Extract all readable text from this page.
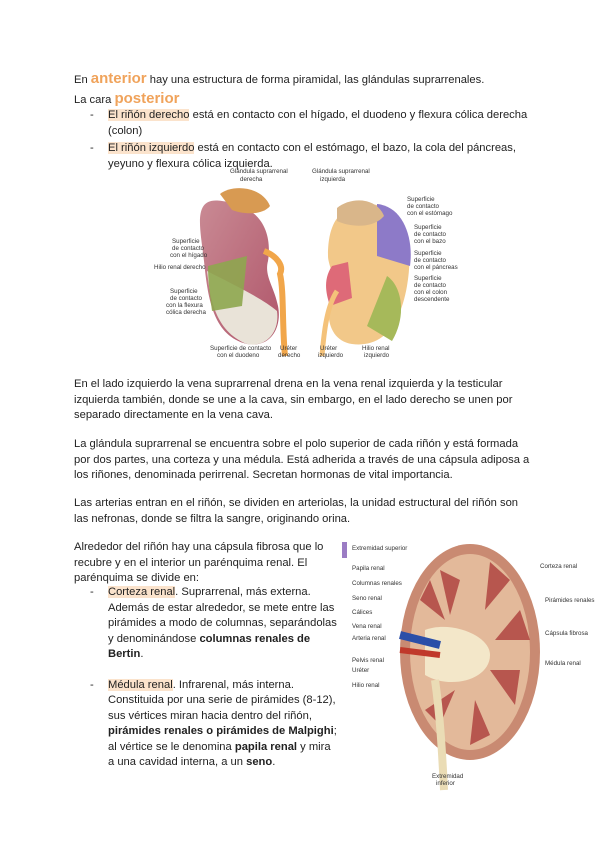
En anterior hay una estructura de forma piramidal, las glándulas suprarrenales.
La cara posterior
- El riñón derecho está en contacto con el hígado, el duodeno y flexura cólica derecha (colon)
- El riñón izquierdo está en contacto con el estómago, el bazo, la cola del páncreas, yeyuno y flexura cólica izquierda.
Glándula suprarrenal
derecha
Glándula suprarrenal
izquierda
Superficie
de contacto
con el hígado
Hilio renal derecho
Superficie
de contacto
con la flexura
cólica derecha
Superficie de contacto
con el duodeno
Uréter
derecho
Uréter
izquierdo
Hilio renal
izquierdo
Superficie
de contacto
con el estómago
Superficie
de contacto
con el bazo
Superficie
de contacto
con el páncreas
Superficie
de contacto
con el colon
descendente

En el lado izquierdo la vena suprarrenal drena en la vena renal izquierda y la testicular izquierda también, donde se une a la cava, sin embargo, en el lado derecho se unen por separado directamente en la vena cava.

La glándula suprarrenal se encuentra sobre el polo superior de cada riñón y está formada por dos partes, una corteza y una médula. Está adherida a través de una cápsula adiposa a los riñones, denominada perirrenal. Secretan hormonas de vital importancia.

Las arterias entran en el riñón, se dividen en arteriolas, la unidad estructural del riñón son las nefronas, donde se filtra la sangre, originando orina.

Alrededor del riñón hay una cápsula fibrosa que lo recubre y en el interior un parénquima renal. El parénquima se divide en:

- Corteza renal. Suprarrenal, más externa. Además de estar alrededor, se mete entre las pirámides a modo de columnas, separándolas y denominándose columnas renales de Bertin.
- Médula renal. Infrarenal, más interna. Constituida por una serie de pirámides (8-12), sus vértices miran hacia dentro del riñón, pirámides renales o pirámides de Malpighi; al vértice se le denomina papila renal y mira a una cavidad interna, a un seno.
Extremidad superior
Papila renal
Columnas renales
Seno renal
Cálices
Vena renal
Arteria renal
Pelvis renal
Uréter
Hilio renal
Corteza renal
Pirámides renales
Cápsula fibrosa
Médula renal
Extremidad
inferior
